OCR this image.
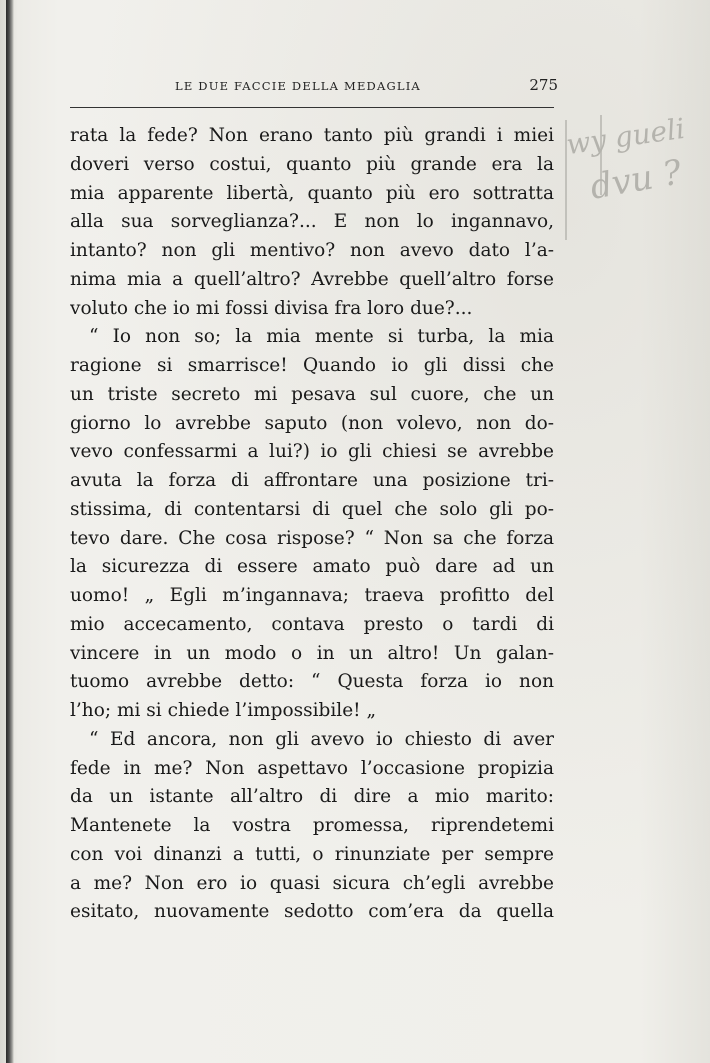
LE DUE FACCIE DELLA MEDAGLIA	275
wy gueli
dvu ?
rata la fede? Non erano tanto più grandi i miei
doveri verso costui, quanto più grande era la
mia apparente libertà, quanto più ero sottratta
alla sua sorveglianza?... E non lo ingannavo,
intanto? non gli mentivo? non avevo dato l’a-
nima mia a quell’altro? Avrebbe quell’altro forse
voluto che io mi fossi divisa fra loro due?...
“ Io non so; la mia mente si turba, la mia
ragione si smarrisce! Quando io gli dissi che
un triste secreto mi pesava sul cuore, che un
giorno lo avrebbe saputo (non volevo, non do-
vevo confessarmi a lui?) io gli chiesi se avrebbe
avuta la forza di affrontare una posizione tri-
stissima, di contentarsi di quel che solo gli po-
tevo dare. Che cosa rispose? “ Non sa che forza
la sicurezza di essere amato può dare ad un
uomo! „ Egli m’ingannava; traeva profitto del
mio accecamento, contava presto o tardi di
vincere in un modo o in un altro! Un galan-
tuomo avrebbe detto: “ Questa forza io non
l’ho; mi si chiede l’impossibile! „
“ Ed ancora, non gli avevo io chiesto di aver
fede in me? Non aspettavo l’occasione propizia
da un istante all’altro di dire a mio marito:
Mantenete la vostra promessa, riprendetemi
con voi dinanzi a tutti, o rinunziate per sempre
a me? Non ero io quasi sicura ch’egli avrebbe
esitato, nuovamente sedotto com’era da quella
